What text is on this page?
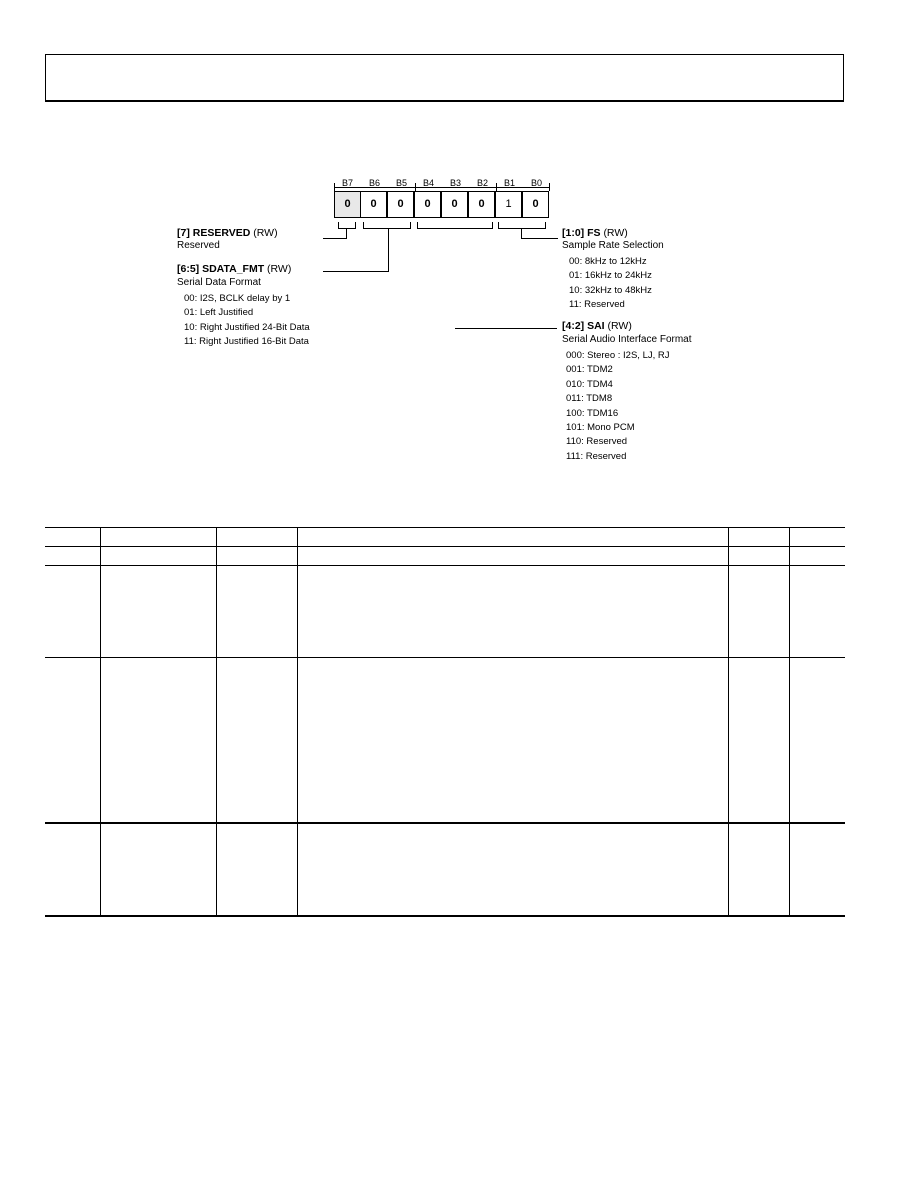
B7	B6	B5	B4	B3	B2	B1	B0
0	0	0	0	0	0	1	0
[7] RESERVED (RW)
Reserved
[6:5] SDATA_FMT (RW)
Serial Data Format
00: I2S, BCLK delay by 1
01: Left Justified
10: Right Justified 24-Bit Data
11: Right Justified 16-Bit Data
[1:0] FS (RW)
Sample Rate Selection
00: 8kHz to 12kHz
01: 16kHz to 24kHz
10: 32kHz to 48kHz
11: Reserved
[4:2] SAI (RW)
Serial Audio Interface Format
000: Stereo : I2S, LJ, RJ
001: TDM2
010: TDM4
011: TDM8
100: TDM16
101: Mono PCM
110: Reserved
111: Reserved
